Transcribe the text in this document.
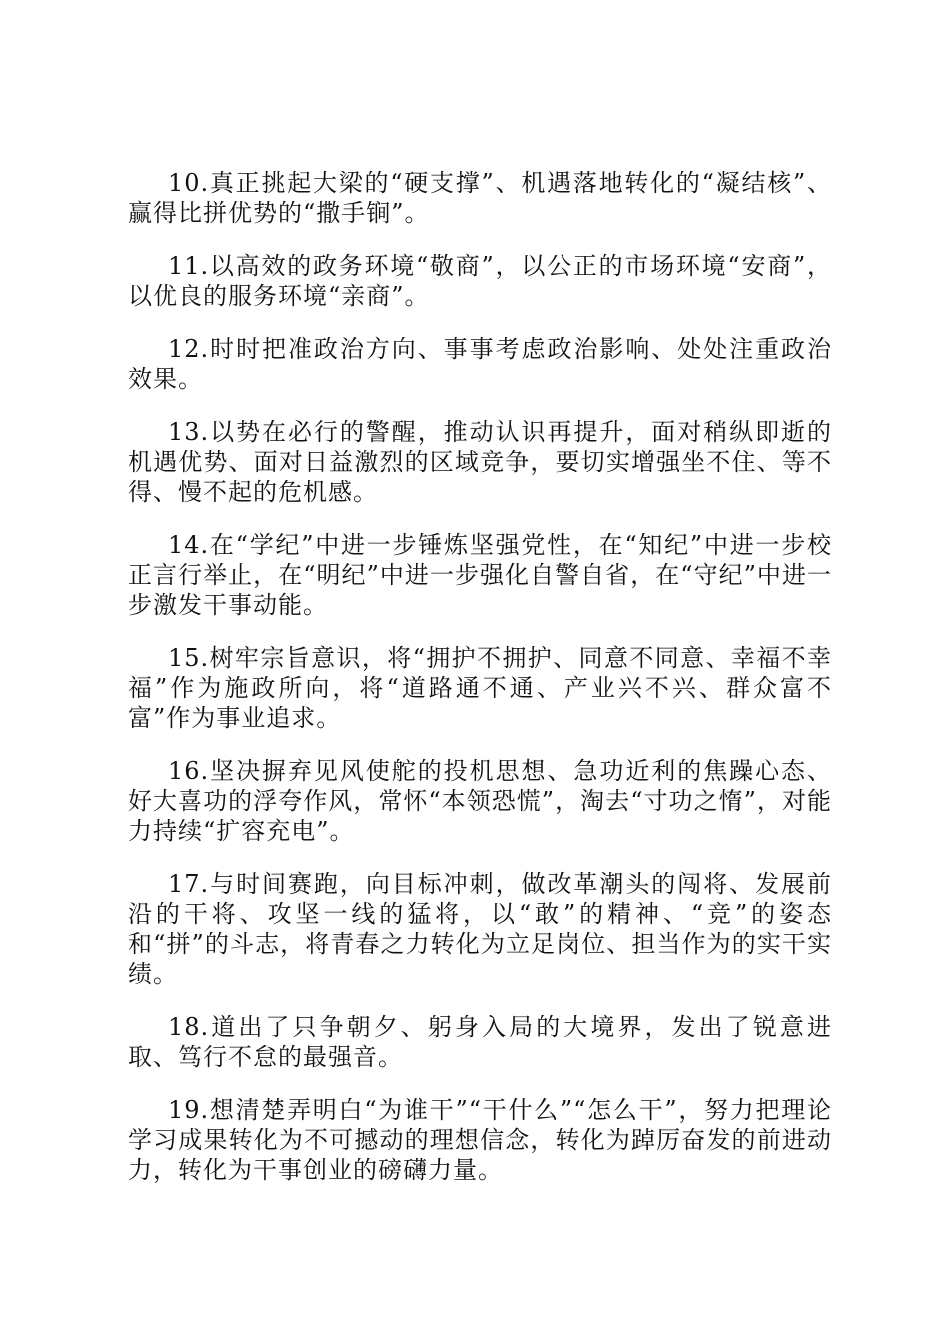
10.真正挑起大梁的“硬支撑”、机遇落地转化的“凝结核”、赢得比拼优势的“撒手锏”。

11.以高效的政务环境“敬商”，以公正的市场环境“安商”，以优良的服务环境“亲商”。

12.时时把准政治方向、事事考虑政治影响、处处注重政治效果。

13.以势在必行的警醒，推动认识再提升，面对稍纵即逝的机遇优势、面对日益激烈的区域竞争，要切实增强坐不住、等不得、慢不起的危机感。

14.在“学纪”中进一步锤炼坚强党性，在“知纪”中进一步校正言行举止，在“明纪”中进一步强化自警自省，在“守纪”中进一步激发干事动能。

15.树牢宗旨意识，将“拥护不拥护、同意不同意、幸福不幸福”作为施政所向，将“道路通不通、产业兴不兴、群众富不富”作为事业追求。

16.坚决摒弃见风使舵的投机思想、急功近利的焦躁心态、好大喜功的浮夸作风，常怀“本领恐慌”，淘去“寸功之惰”，对能力持续“扩容充电”。

17.与时间赛跑，向目标冲刺，做改革潮头的闯将、发展前沿的干将、攻坚一线的猛将，以“敢”的精神、“竞”的姿态和“拼”的斗志，将青春之力转化为立足岗位、担当作为的实干实绩。

18.道出了只争朝夕、躬身入局的大境界，发出了锐意进取、笃行不怠的最强音。

19.想清楚弄明白“为谁干”“干什么”“怎么干”，努力把理论学习成果转化为不可撼动的理想信念，转化为踔厉奋发的前进动力，转化为干事创业的磅礴力量。
